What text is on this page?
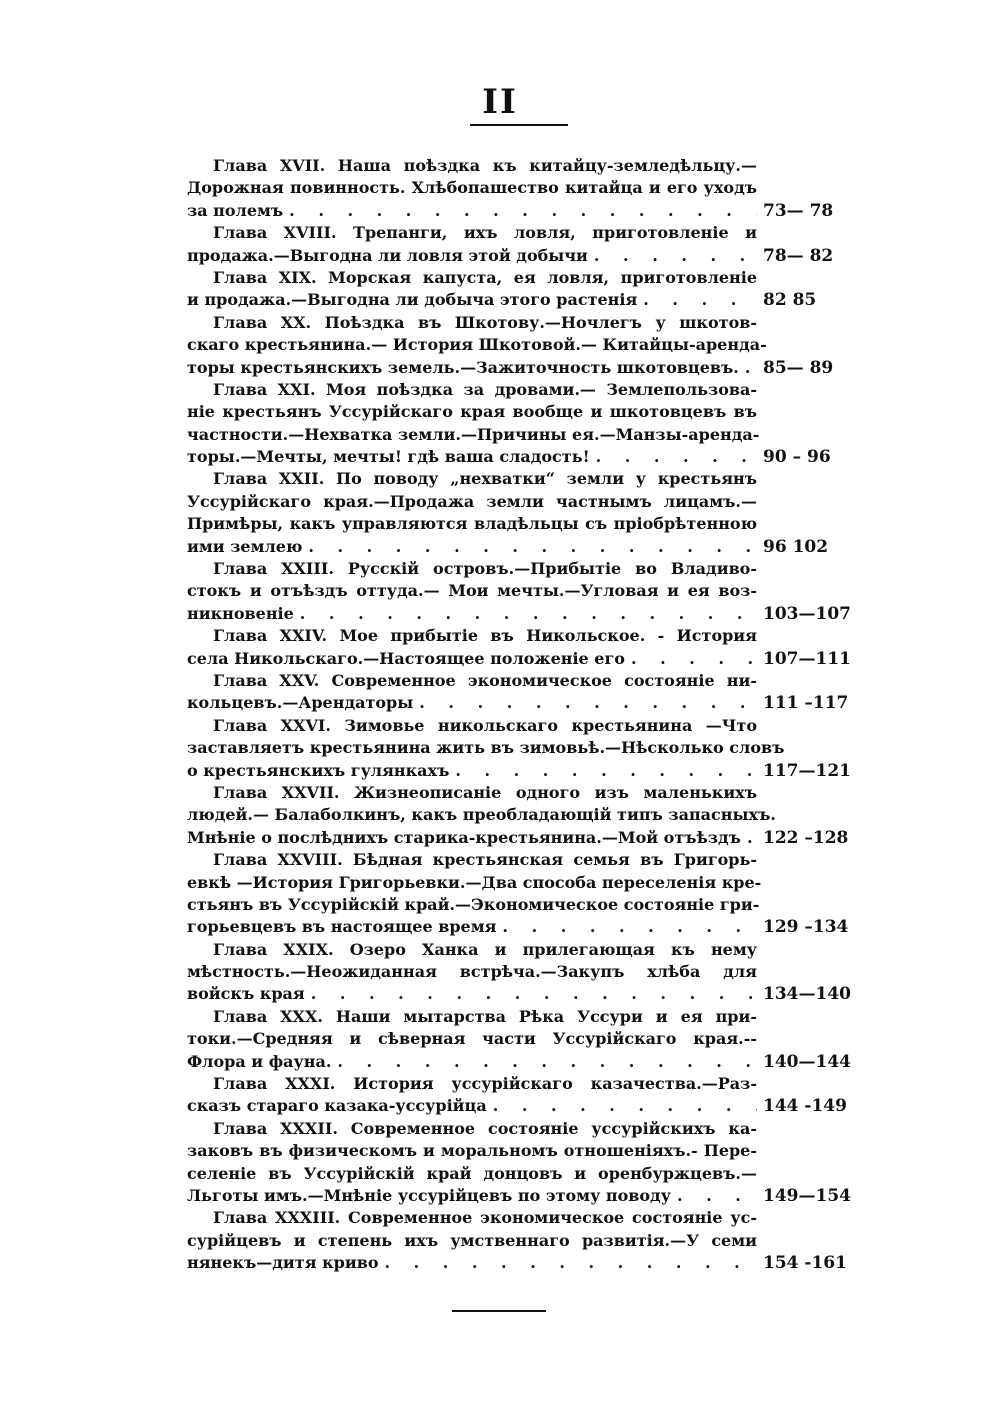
II
Глава XVII. Наша поѣздка къ китайцу-земледѣльцу.—
Дорожная повинность. Хлѣбопашество китайца и его уходъ
за полемъ . . .	73— 78
Глава XVIII. Трепанги, ихъ ловля, приготовленіе и
продажа.—Выгодна ли ловля этой добычи . . .	78— 82
Глава XIX. Морская капуста, ея ловля, приготовленіе
и продажа.—Выгодна ли добыча этого растенія . . .	82 85
Глава XX. Поѣздка въ Шкотову.—Ночлегъ у шкотов-
скаго крестьянина.— История Шкотовой.— Китайцы-арендa-
торы крестьянскихъ земель.—Зажиточность шкотовцевъ. . . . 85— 89
Глава XXI. Моя поѣздка за дровами.— Землепользова-
ніе крестьянъ Уссурійскаго края вообще и шкотовцевъ въ
частности.—Нехватка земли.—Причины ея.—Манзы-арендa-
торы.—Мечты, мечты! гдѣ ваша сладость! . . .	90 – 96
Глава XXII. По поводу „нехватки“ земли у крестьянъ
Уссурійскаго края.—Продажа земли частнымъ лицамъ.—
Примѣры, какъ управляются владѣльцы съ пріобрѣтенною
ими землею . . .	96 102
Глава XXIII. Русскій островъ.—Прибытіе во Владиво-
стокъ и отъѣздъ оттуда.— Мои мечты.—Угловая и ея воз-
никновеніе . . .	103—107
Глава XXIV. Мое прибытіе въ Никольское. - История
села Никольскаго.—Настоящее положеніе его . . .	107—111
Глава XXV. Современное экономическое состояніе ни-
кольцевъ.—Арендаторы . . .	111 –117
Глава XXVI. Зимовье никольскаго крестьянина —Что
заставляетъ крестьянина жить въ зимовьѣ.—Нѣсколько словъ
о крестьянскихъ гулянкахъ . . .	117—121
Глава XXVII. Жизнеописаніе одного изъ маленькихъ
людей.— Балаболкинъ, какъ преобладающій типъ запасныхъ.
Мнѣніе о послѣднихъ старика-крестьянина.—Мой отъѣздъ . . . 122 –128
Глава XXVIII. Бѣдная крестьянская семья въ Григорь-
евкѣ —История Григорьевки.—Два способа переселенія кре-
стьянъ въ Уссурійскій край.—Экономическое состояніе гри-
горьевцевъ въ настоящее время . . .	129 –134
Глава XXIX. Озеро Ханка и прилегающая къ нему
мѣстность.—Неожиданная встрѣча.—Закупъ хлѣба для
войскъ края . . .	134—140
Глава XXX. Наши мытарства Рѣка Уссури и ея при-
токи.—Средняя и сѣверная части Уссурійскаго края.--
Флора и фауна. . . .	140—144
Глава XXXI. История уссурійскаго казачества.—Раз-
сказъ стараго казака-уссурійца . . .	144 -149
Глава XXXII. Современное состояніе уссурійскихъ ка-
заковъ въ физическомъ и моральномъ отношеніяхъ.- Пере-
селеніе въ Уссурійскій край донцовъ и оренбуржцевъ.—
Льготы имъ.—Мнѣніе уссурійцевъ по этому поводу . . .	149—154
Глава XXXIII. Современное экономическое состояніе ус-
сурійцевъ и степень ихъ умственнаго развитія.—У семи
нянекъ—дитя криво . . .	154 -161
